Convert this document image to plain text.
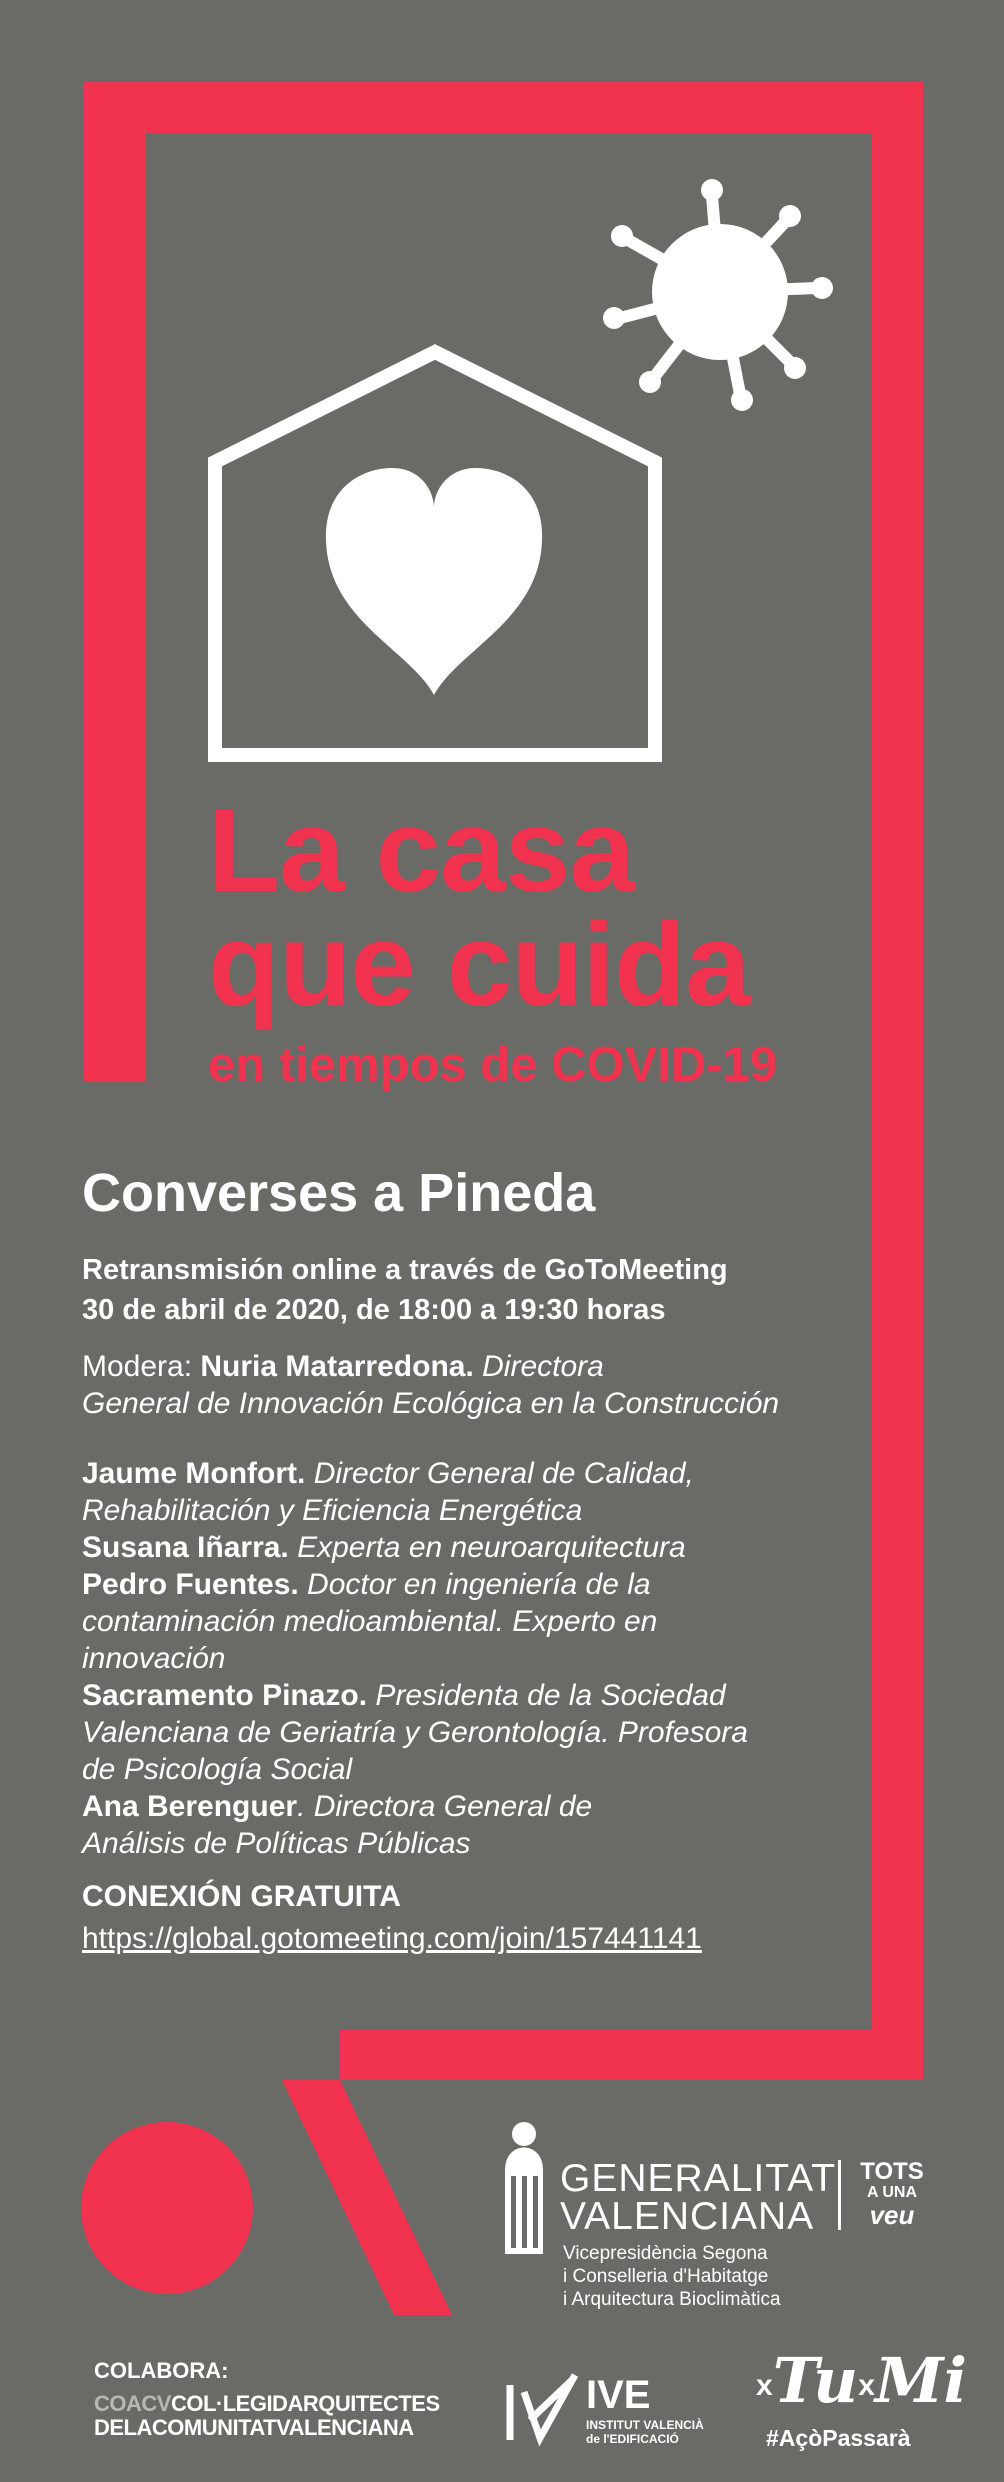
La casa
que cuida
en tiempos de COVID-19
Converses a Pineda
Retransmisión online a través de GoToMeeting
30 de abril de 2020, de 18:00 a 19:30 horas
Modera: Nuria Matarredona. Directora
General de Innovación Ecológica en la Construcción
Jaume Monfort. Director General de Calidad,
Rehabilitación y Eficiencia Energética
Susana Iñarra. Experta en neuroarquitectura
Pedro Fuentes. Doctor en ingeniería de la
contaminación medioambiental. Experto en
innovación
Sacramento Pinazo. Presidenta de la Sociedad
Valenciana de Geriatría y Gerontología. Profesora
de Psicología Social
Ana Berenguer. Directora General de
Análisis de Políticas Públicas
CONEXIÓN GRATUITA
https://global.gotomeeting.com/join/157441141
GENERALITAT
VALENCIANA
Vicepresidència Segona
i Conselleria d'Habitatge
i Arquitectura Bioclimàtica
TOTS
A UNA
veu
COLABORA:
COACVCOL·LEGIDARQUITECTES
DELACOMUNITATVALENCIANA
IVE
INSTITUT VALENCIÀ
de l'EDIFICACIÓ
xTuxMi
#AçòPassarà
